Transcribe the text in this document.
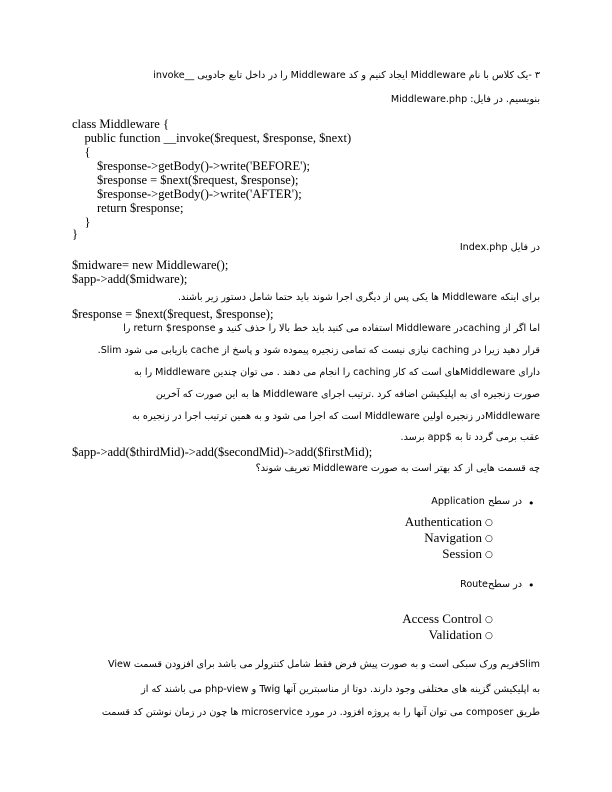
۳ -یک کلاس با نام Middleware ایجاد کنیم و کد Middleware را در داخل تابع جادویی __invoke
بنویسیم. در فایل: Middleware.php
class Middleware {
public function __invoke($request, $response, $next)
{
$response->getBody()->write('BEFORE');
$response = $next($request, $response);
$response->getBody()->write('AFTER');
return $response;
}
}
در فایل Index.php
$midware= new Middleware();
$app->add($midware);
برای اینکه Middleware ها یکی پس از دیگری اجرا شوند باید حتما شامل دستور زیر باشند.
$response = $next($request, $response);
اما اگر از cachingدر Middleware استفاده می کنید باید خط بالا را حذف کنید و return $response را
قرار دهید زیرا در caching نیازی نیست که تمامی زنجیره پیموده شود و پاسخ از cache بازیابی می شود Slim.
دارای Middlewareهای است که کار caching را انجام می دهند . می توان چندین Middleware را به
صورت زنجیره ای به اپلیکیشن اضافه کرد .ترتیب اجرای Middleware ها به این صورت که آخرین
Middlewareدر زنجیره اولین Middleware است که اجرا می شود و به همین ترتیب اجرا در زنجیره به
عقب برمی گردد تا به $app برسد.
$app->add($thirdMid)->add($secondMid)->add($firstMid);
چه قسمت هایی از کد بهتر است به صورت Middleware تعریف شوند؟
•
در سطح Application
Authentication ○
Navigation ○
Session ○
•
در سطحRoute
Access Control ○
Validation ○
Slimفریم ورک سبکی است و به صورت پیش فرض فقط شامل کنترولر می باشد برای افزودن قسمت View
به اپلیکیشن گزینه های مختلفی وجود دارند. دوتا از مناسبترین آنها Twig و php-view می باشند که از
طریق composer می توان آنها را به پروژه افزود. در مورد microservice ها چون در زمان نوشتن کد قسمت
